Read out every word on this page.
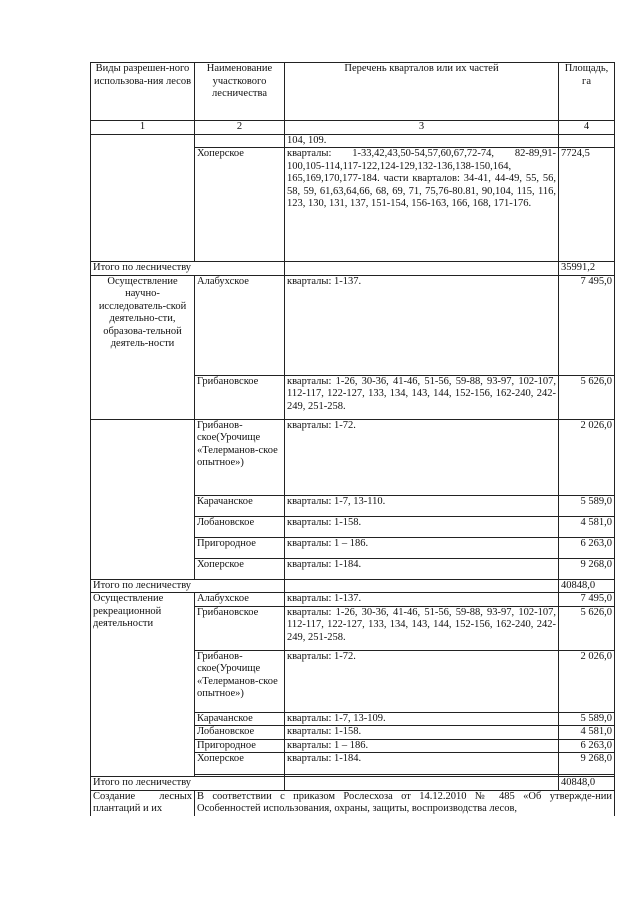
Виды разрешен-ного использова-ния лесов	Наименование участкового лесничества	Перечень кварталов или их частей	Площадь, га
1	2	3	4
		104, 109.	
	Хоперское	кварталы: 1-33,42,43,50-54,57,60,67,72-74, 82-89,91-100,105-114,117-122,124-129,132-136,138-150,164, 165,169,170,177-184. части кварталов: 34-41, 44-49, 55, 56, 58, 59, 61,63,64,66, 68, 69, 71, 75,76-80.81, 90,104, 115, 116, 123, 130, 131, 137, 151-154, 156-163, 166, 168, 171-176.	7724,5
Итого по лесничеству			35991,2
Осуществление научно-исследователь-ской деятельно-сти, образова-тельной деятель-ности	Алабухское	кварталы: 1-137.	7 495,0
	Грибановское	кварталы: 1-26, 30-36, 41-46, 51-56, 59-88, 93-97, 102-107, 112-117, 122-127, 133, 134, 143, 144, 152-156, 162-240, 242-249, 251-258.	5 626,0
	Грибанов-ское(Урочище «Телерманов-ское опытное»)	кварталы: 1-72.	2 026,0
	Карачанское	кварталы: 1-7, 13-110.	5 589,0
	Лобановское	кварталы: 1-158.	4 581,0
	Пригородное	кварталы: 1 – 186.	6 263,0
	Хоперское	кварталы: 1-184.	9 268,0
Итого по лесничеству			40848,0
Осуществление рекреационной деятельности	Алабухское	кварталы: 1-137.	7 495,0
	Грибановское	кварталы: 1-26, 30-36, 41-46, 51-56, 59-88, 93-97, 102-107, 112-117, 122-127, 133, 134, 143, 144, 152-156, 162-240, 242-249, 251-258.	5 626,0
	Грибанов-ское(Урочище «Телерманов-ское опытное»)	кварталы: 1-72.	2 026,0
	Карачанское	кварталы: 1-7, 13-109.	5 589,0
	Лобановское	кварталы: 1-158.	4 581,0
	Пригородное	кварталы: 1 – 186.	6 263,0
	Хоперское	кварталы: 1-184.	9 268,0

Итого по лесничеству			40848,0
Создание лесных плантаций и их	В соответствии с приказом Рослесхоза от 14.12.2010 № 485 «Об утвержде-нии Особенностей использования, охраны, защиты, воспроизводства лесов,		
